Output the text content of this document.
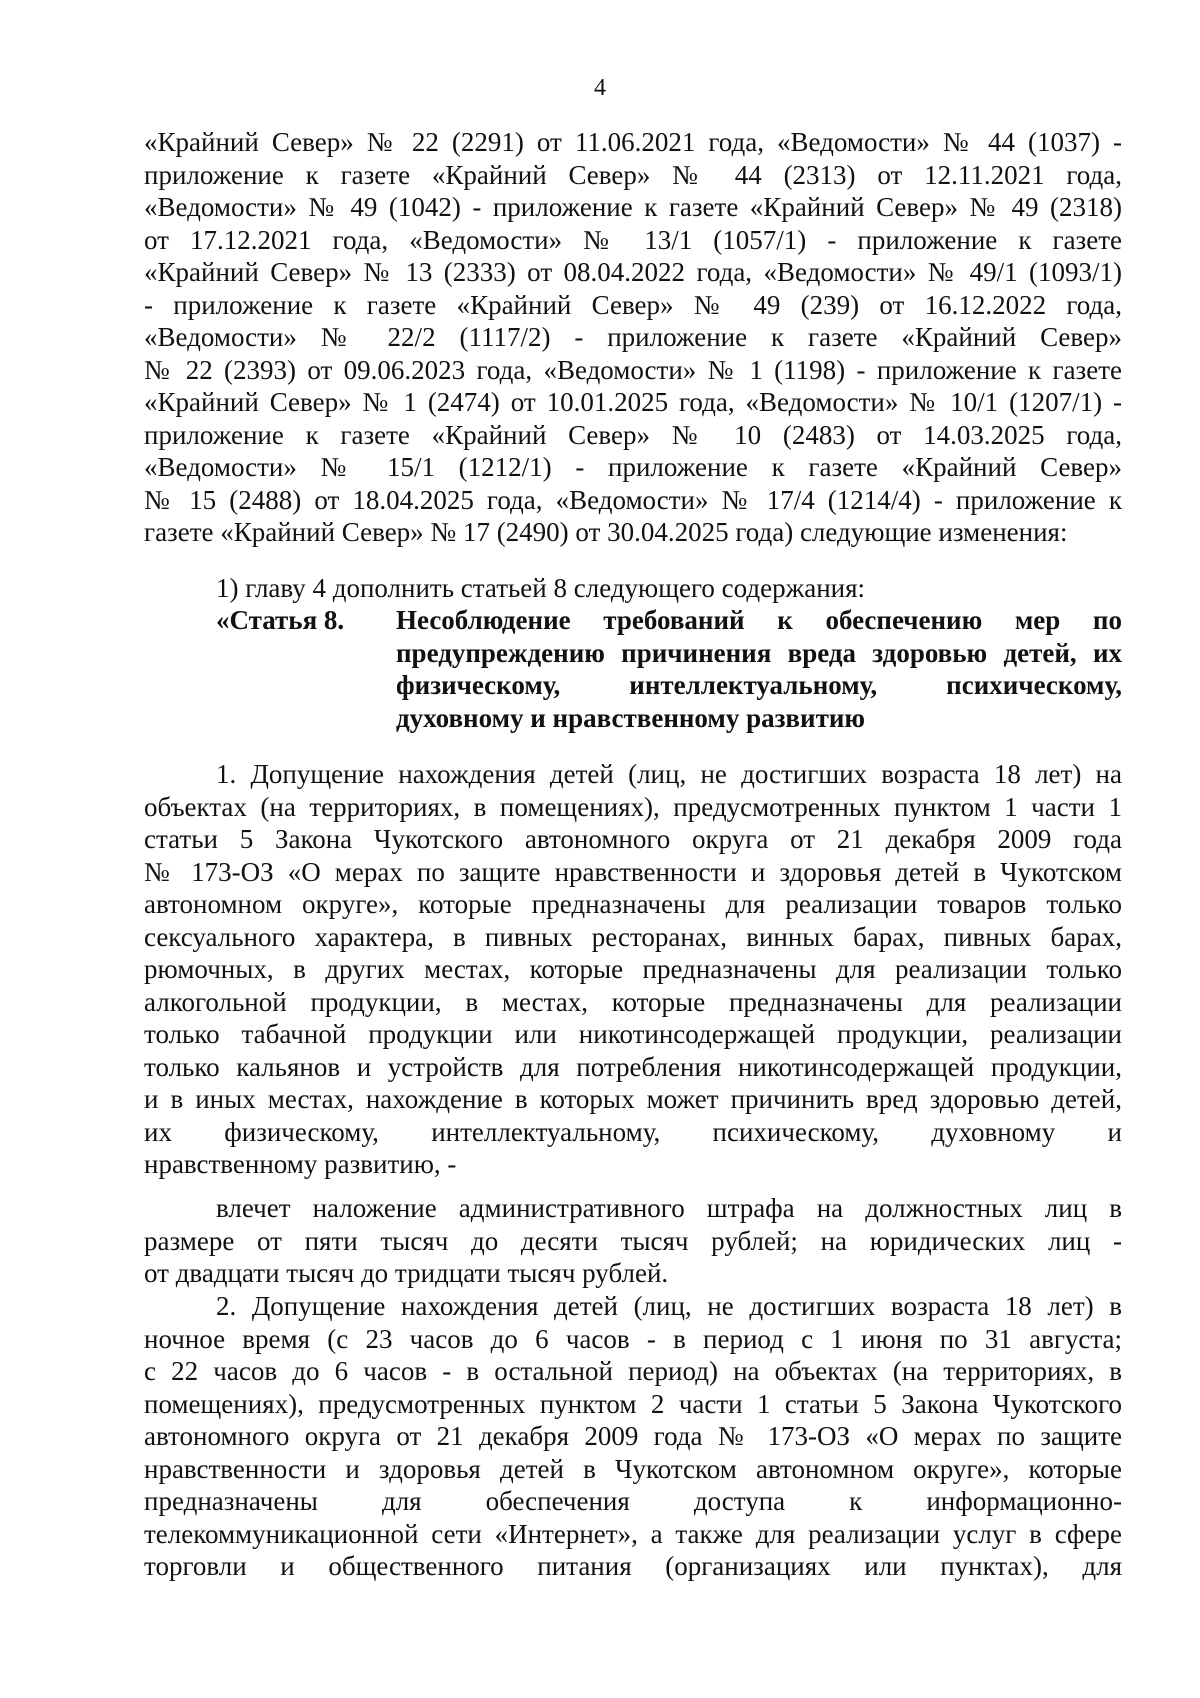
4
«Крайний Север» № 22 (2291) от 11.06.2021 года, «Ведомости» № 44 (1037) -
приложение к газете «Крайний Север» № 44 (2313) от 12.11.2021 года,
«Ведомости» № 49 (1042) - приложение к газете «Крайний Север» № 49 (2318)
от 17.12.2021 года, «Ведомости» № 13/1 (1057/1) - приложение к газете
«Крайний Север» № 13 (2333) от 08.04.2022 года, «Ведомости» № 49/1 (1093/1)
- приложение к газете «Крайний Север» № 49 (239) от 16.12.2022 года,
«Ведомости» № 22/2 (1117/2) - приложение к газете «Крайний Север»
№ 22 (2393) от 09.06.2023 года, «Ведомости» № 1 (1198) - приложение к газете
«Крайний Север» № 1 (2474) от 10.01.2025 года, «Ведомости» № 10/1 (1207/1) -
приложение к газете «Крайний Север» № 10 (2483) от 14.03.2025 года,
«Ведомости» № 15/1 (1212/1) - приложение к газете «Крайний Север»
№ 15 (2488) от 18.04.2025 года, «Ведомости» № 17/4 (1214/4) - приложение к
газете «Крайний Север» № 17 (2490) от 30.04.2025 года) следующие изменения:
1) главу 4 дополнить статьей 8 следующего содержания:
«Статья 8. Несоблюдение требований к обеспечению мер по
предупреждению причинения вреда здоровью детей, их
физическому, интеллектуальному, психическому,
духовному и нравственному развитию
1. Допущение нахождения детей (лиц, не достигших возраста 18 лет) на
объектах (на территориях, в помещениях), предусмотренных пунктом 1 части 1
статьи 5 Закона Чукотского автономного округа от 21 декабря 2009 года
№ 173-ОЗ «О мерах по защите нравственности и здоровья детей в Чукотском
автономном округе», которые предназначены для реализации товаров только
сексуального характера, в пивных ресторанах, винных барах, пивных барах,
рюмочных, в других местах, которые предназначены для реализации только
алкогольной продукции, в местах, которые предназначены для реализации
только табачной продукции или никотинсодержащей продукции, реализации
только кальянов и устройств для потребления никотинсодержащей продукции,
и в иных местах, нахождение в которых может причинить вред здоровью детей,
их физическому, интеллектуальному, психическому, духовному и
нравственному развитию, -
влечет наложение административного штрафа на должностных лиц в
размере от пяти тысяч до десяти тысяч рублей; на юридических лиц -
от двадцати тысяч до тридцати тысяч рублей.
2. Допущение нахождения детей (лиц, не достигших возраста 18 лет) в
ночное время (с 23 часов до 6 часов - в период с 1 июня по 31 августа;
с 22 часов до 6 часов - в остальной период) на объектах (на территориях, в
помещениях), предусмотренных пунктом 2 части 1 статьи 5 Закона Чукотского
автономного округа от 21 декабря 2009 года № 173-ОЗ «О мерах по защите
нравственности и здоровья детей в Чукотском автономном округе», которые
предназначены для обеспечения доступа к информационно-
телекоммуникационной сети «Интернет», а также для реализации услуг в сфере
торговли и общественного питания (организациях или пунктах), для
